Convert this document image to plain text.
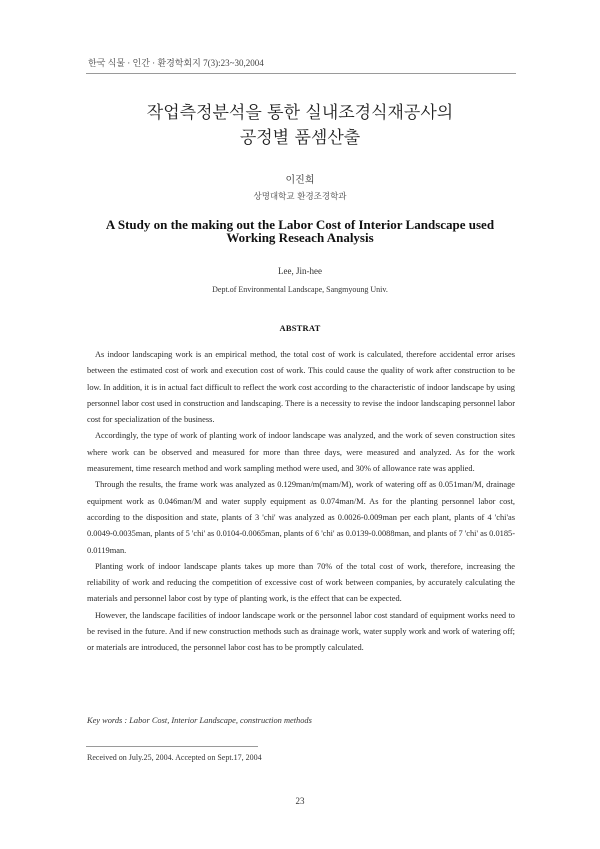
한국 식물 · 인간 · 환경학회지 7(3):23~30,2004
작업측정분석을 통한 실내조경식재공사의
공정별 품셈산출
이진희
상명대학교 환경조경학과
A Study on the making out the Labor Cost of Interior Landscape used Working Reseach Analysis
Lee, Jin-hee
Dept.of Environmental Landscape, Sangmyoung Univ.
ABSTRAT

As indoor landscaping work is an empirical method, the total cost of work is calculated, therefore accidental error arises between the estimated cost of work and execution cost of work. This could cause the quality of work after construction to be low. In addition, it is in actual fact difficult to reflect the work cost according to the characteristic of indoor landscape by using personnel labor cost used in construction and landscaping. There is a necessity to revise the indoor landscaping personnel labor cost for specialization of the business.

Accordingly, the type of work of planting work of indoor landscape was analyzed, and the work of seven construction sites where work can be observed and measured for more than three days, were measured and analyzed. As for the work measurement, time research method and work sampling method were used, and 30% of allowance rate was applied.

Through the results, the frame work was analyzed as 0.129man/m(mam/M), work of watering off as 0.051man/M, drainage equipment work as 0.046man/M and water supply equipment as 0.074man/M. As for the planting personnel labor cost, according to the disposition and state, plants of 3 'chi' was analyzed as 0.0026-0.009man per each plant, plants of 4 'chi'as 0.0049-0.0035man, plants of 5 'chi' as 0.0104-0.0065man, plants of 6 'chi' as 0.0139-0.0088man, and plants of 7 'chi' as 0.0185-0.0119man.

Planting work of indoor landscape plants takes up more than 70% of the total cost of work, therefore, increasing the reliability of work and reducing the competition of excessive cost of work between companies, by accurately calculating the materials and personnel labor cost by type of planting work, is the effect that can be expected.

However, the landscape facilities of indoor landscape work or the personnel labor cost standard of equipment works need to be revised in the future. And if new construction methods such as drainage work, water supply work and work of watering off; or materials are introduced, the personnel labor cost has to be promptly calculated.

Key words : Labor Cost, Interior Landscape, construction methods
Received on July.25, 2004. Accepted on Sept.17, 2004
23
